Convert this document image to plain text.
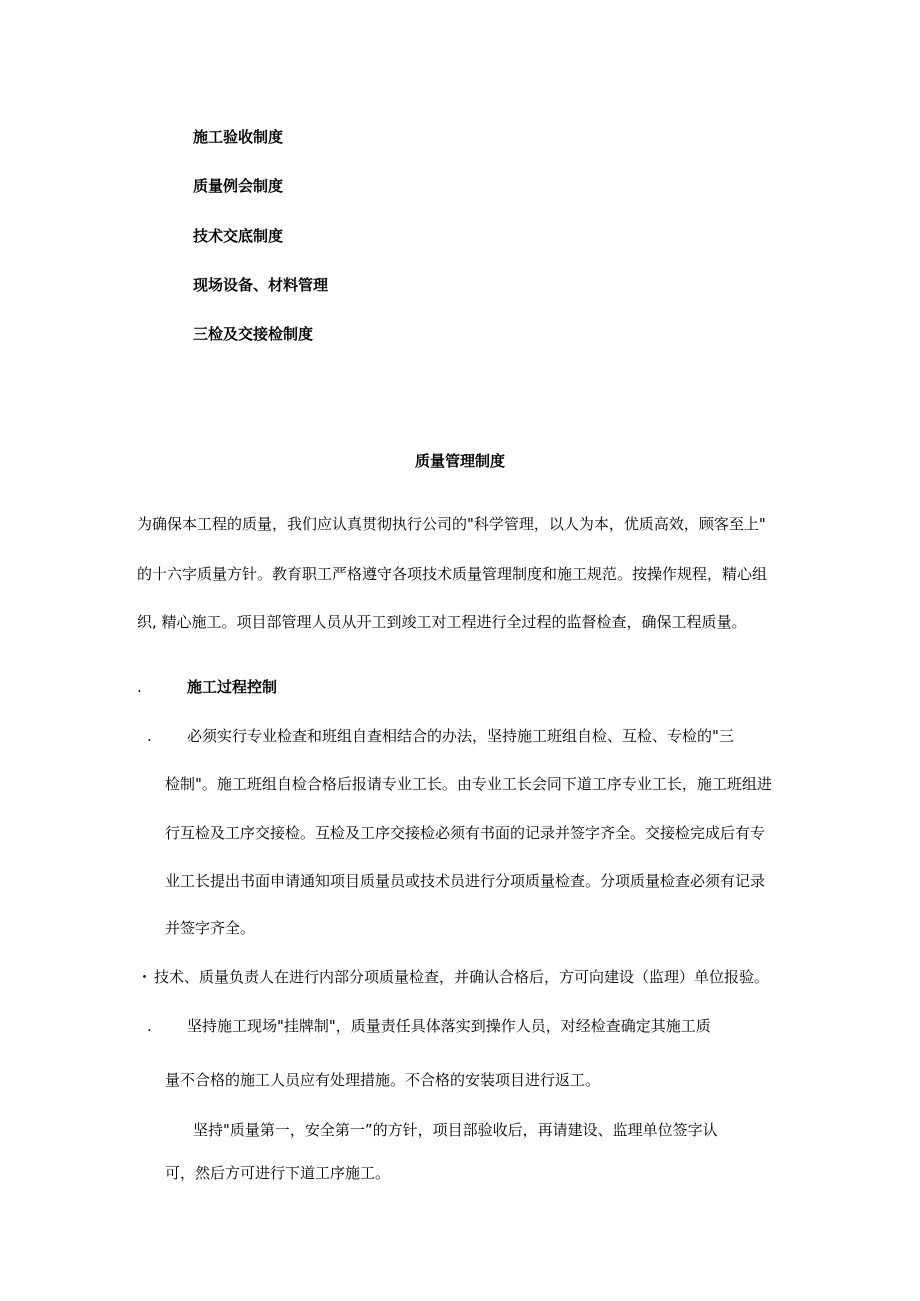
施工验收制度
质量例会制度
技术交底制度
现场设备、材料管理
三检及交接检制度
质量管理制度
为确保本工程的质量，我们应认真贯彻执行公司的"科学管理，以人为本，优质高效，顾客至上"
的十六字质量方针。教育职工严格遵守各项技术质量管理制度和施工规范。按操作规程，精心组
织, 精心施工。项目部管理人员从开工到竣工对工程进行全过程的监督检查，确保工程质量。
.	施工过程控制
. 必须实行专业检查和班组自查相结合的办法，坚持施工班组自检、互检、专检的"三
检制"。施工班组自检合格后报请专业工长。由专业工长会同下道工序专业工长，施工班组进
行互检及工序交接检。互检及工序交接检必须有书面的记录并签字齐全。交接检完成后有专
业工长提出书面申请通知项目质量员或技术员进行分项质量检查。分项质量检查必须有记录
并签字齐全。
・ 技术、质量负责人在进行内部分项质量检查，并确认合格后，方可向建设（监理）单位报验。
. 坚持施工现场"挂牌制"，质量责任具体落实到操作人员，对经检查确定其施工质
量不合格的施工人员应有处理措施。不合格的安装项目进行返工。
坚持"质量第一，安全第一”的方针，项目部验收后，再请建设、监理单位签字认
可，然后方可进行下道工序施工。
